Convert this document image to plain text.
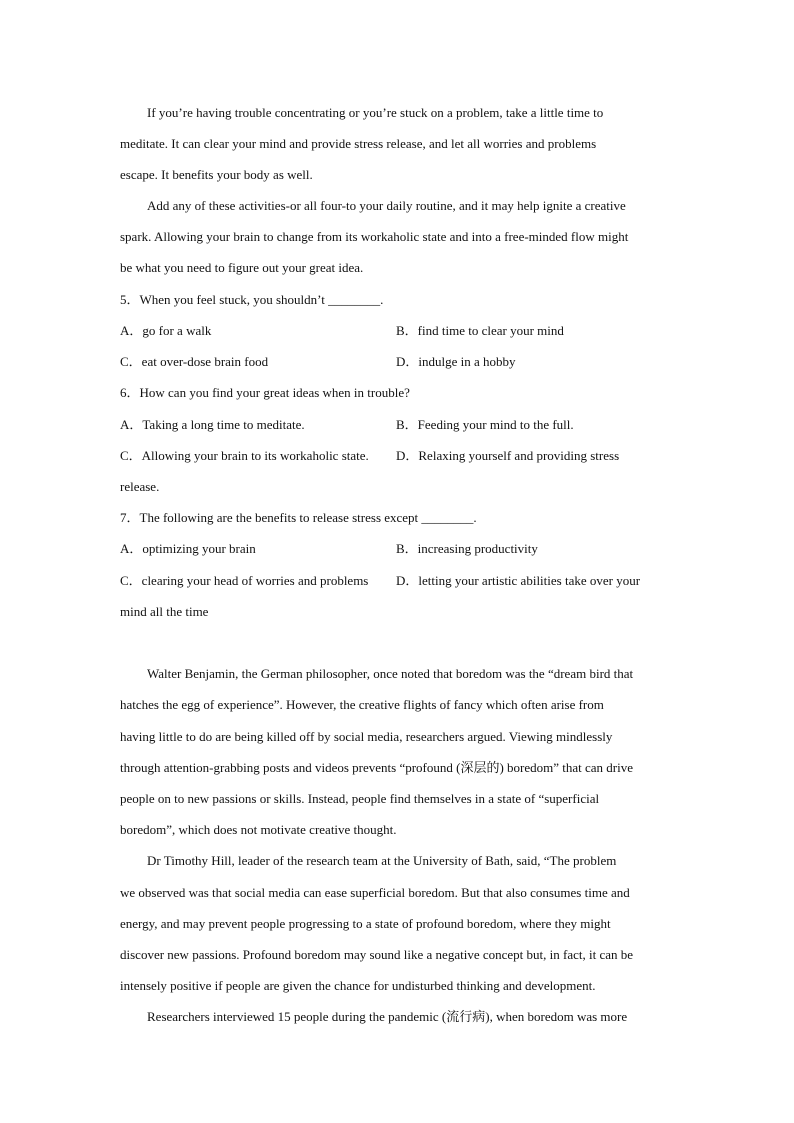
If you’re having trouble concentrating or you’re stuck on a problem, take a little time to
meditate. It can clear your mind and provide stress release, and let all worries and problems
escape. It benefits your body as well.
Add any of these activities-or all four-to your daily routine, and it may help ignite a creative
spark. Allowing your brain to change from its workaholic state and into a free-minded flow might
be what you need to figure out your great idea.
5．When you feel stuck, you shouldn’t ________.
A．go for a walk	B．find time to clear your mind
C．eat over-dose brain food	D．indulge in a hobby
6．How can you find your great ideas when in trouble?
A．Taking a long time to meditate.	B．Feeding your mind to the full.
C．Allowing your brain to its workaholic state.	D．Relaxing yourself and providing stress
release.
7．The following are the benefits to release stress except ________.
A．optimizing your brain	B．increasing productivity
C．clearing your head of worries and problems	D．letting your artistic abilities take over your
mind all the time
Walter Benjamin, the German philosopher, once noted that boredom was the “dream bird that
hatches the egg of experience”. However, the creative flights of fancy which often arise from
having little to do are being killed off by social media, researchers argued. Viewing mindlessly
through attention-grabbing posts and videos prevents “profound (深层的) boredom” that can drive
people on to new passions or skills. Instead, people find themselves in a state of “superficial
boredom”, which does not motivate creative thought.
Dr Timothy Hill, leader of the research team at the University of Bath, said, “The problem
we observed was that social media can ease superficial boredom. But that also consumes time and
energy, and may prevent people progressing to a state of profound boredom, where they might
discover new passions. Profound boredom may sound like a negative concept but, in fact, it can be
intensely positive if people are given the chance for undisturbed thinking and development.
Researchers interviewed 15 people during the pandemic (流行病), when boredom was more
